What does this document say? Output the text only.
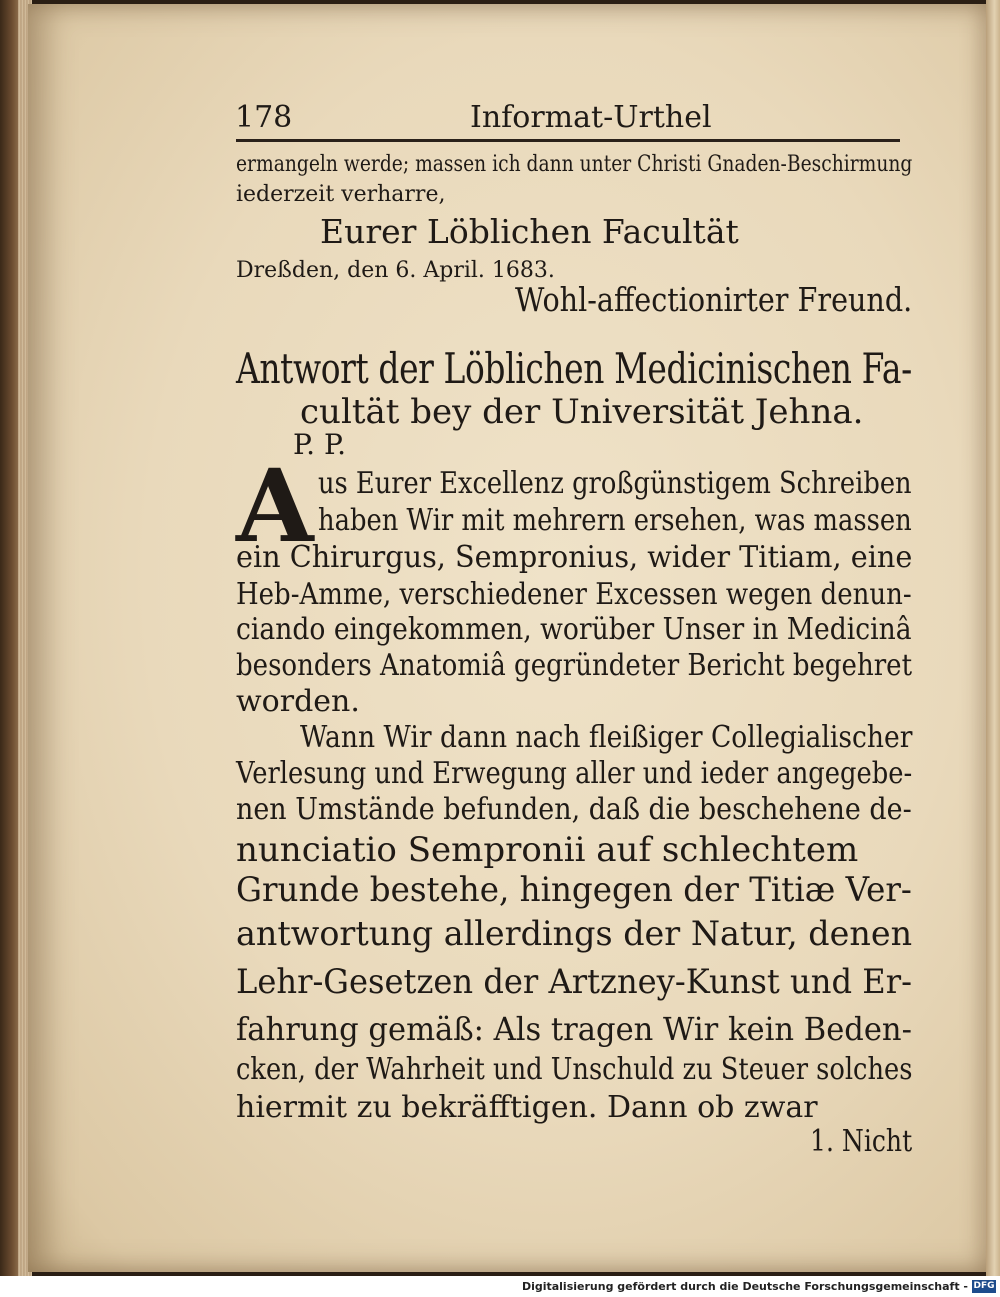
178	Informat-Urthel
ermangeln werde; massen ich dann unter Christi Gnaden-Beschirmung
iederzeit verharre,
Eurer Löblichen Facultät
Dreßden, den 6. April. 1683.
Wohl-affectionirter Freund.
Antwort der Löblichen Medicinischen Fa-
cultät bey der Universität Jehna.
P. P.
A us Eurer Excellenz großgünstigem Schreiben
haben Wir mit mehrern ersehen, was massen
ein Chirurgus, Sempronius, wider Titiam, eine
Heb-Amme, verschiedener Excessen wegen denun-
ciando eingekommen, worüber Unser in Medicinâ
besonders Anatomiâ gegründeter Bericht begehret
worden.
Wann Wir dann nach fleißiger Collegialischer
Verlesung und Erwegung aller und ieder angegebe-
nen Umstände befunden, daß die beschehene de-
nunciatio Sempronii auf schlechtem
Grunde bestehe, hingegen der Titiæ Ver-
antwortung allerdings der Natur, denen
Lehr-Gesetzen der Artzney-Kunst und Er-
fahrung gemäß: Als tragen Wir kein Beden-
cken, der Wahrheit und Unschuld zu Steuer solches
hiermit zu bekräfftigen. Dann ob zwar
1. Nicht
Digitalisierung gefördert durch die Deutsche Forschungsgemeinschaft - DFG
